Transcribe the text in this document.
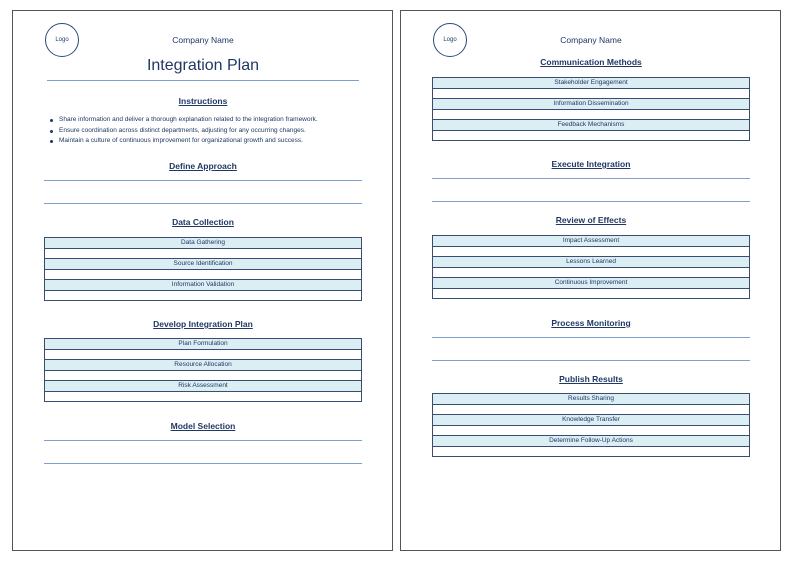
Logo	Company Name
Integration Plan
Instructions
Share information and deliver a thorough explanation related to the integration framework.
Ensure coordination across distinct departments, adjusting for any occurring changes.
Maintain a culture of continuous improvement for organizational growth and success.
Define Approach
Data Collection
Data Gathering

Source Identification

Information Validation

Develop Integration Plan
Plan Formulation

Resource Allocation

Risk Assessment

Model Selection
Logo	Company Name
Communication Methods
Stakeholder Engagement

Information Dissemination

Feedback Mechanisms

Execute Integration
Review of Effects
Impact Assessment

Lessons Learned

Continuous Improvement

Process Monitoring
Publish Results
Results Sharing

Knowledge Transfer

Determine Follow-Up Actions
